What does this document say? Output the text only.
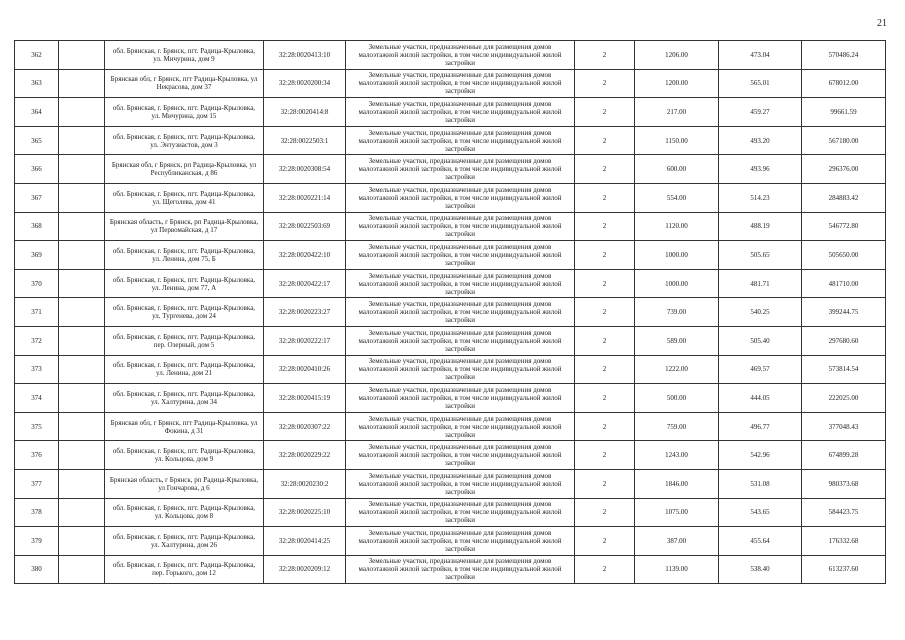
21
362		обл. Брянская, г. Брянск, пгт. Радица-Крыловка, ул. Мичурина, дом 9	32:28:0020413:10	Земельные участки, предназначенные для размещения домов малоэтажной жилой застройки, в том числе индивидуальной жилой застройки	2	1206.00	473.04	570486.24
363		Брянская обл, г Брянск, пгт Радица-Крыловка, ул Некрасова, дом 37	32:28:0020200:34	Земельные участки, предназначенные для размещения домов малоэтажной жилой застройки, в том числе индивидуальной жилой застройки	2	1200.00	565.01	678012.00
364		обл. Брянская, г. Брянск, пгт. Радица-Крыловка, ул. Мичурина, дом 15	32:28:0020414:8	Земельные участки, предназначенные для размещения домов малоэтажной жилой застройки, в том числе индивидуальной жилой застройки	2	217.00	459.27	99661.59
365		обл. Брянская, г. Брянск, пгт. Радица-Крыловка, ул. Энтузиастов, дом 3	32:28:0022503:1	Земельные участки, предназначенные для размещения домов малоэтажной жилой застройки, в том числе индивидуальной жилой застройки	2	1150.00	493.20	567180.00
366		Брянская обл, г Брянск, рп Радица-Крыловка, ул Республиканская, д 86	32:28:0020308:54	Земельные участки, предназначенные для размещения домов малоэтажной жилой застройки, в том числе индивидуальной жилой застройки	2	600.00	493.96	296376.00
367		обл. Брянская, г. Брянск, пгт. Радица-Крыловка, ул. Щеголева, дом 41	32:28:0020221:14	Земельные участки, предназначенные для размещения домов малоэтажной жилой застройки, в том числе индивидуальной жилой застройки	2	554.00	514.23	284883.42
368		Брянская область, г Брянск, рп Радица-Крыловка, ул Первомайская, д 17	32:28:0022503:69	Земельные участки, предназначенные для размещения домов малоэтажной жилой застройки, в том числе индивидуальной жилой застройки	2	1120.00	488.19	546772.80
369		обл. Брянская, г. Брянск, пгт. Радица-Крыловка, ул. Ленина, дом 75, Б	32:28:0020422:10	Земельные участки, предназначенные для размещения домов малоэтажной жилой застройки, в том числе индивидуальной жилой застройки	2	1000.00	505.65	505650.00
370		обл. Брянская, г. Брянск, пгт. Радица-Крыловка, ул. Ленина, дом 77, А	32:28:0020422:17	Земельные участки, предназначенные для размещения домов малоэтажной жилой застройки, в том числе индивидуальной жилой застройки	2	1000.00	481.71	481710.00
371		обл. Брянская, г. Брянск, пгт. Радица-Крыловка, ул. Тургенева, дом 24	32:28:0020223:27	Земельные участки, предназначенные для размещения домов малоэтажной жилой застройки, в том числе индивидуальной жилой застройки	2	739.00	540.25	399244.75
372		обл. Брянская, г. Брянск, пгт. Радица-Крыловка, пер. Озерный, дом 5	32:28:0020222:17	Земельные участки, предназначенные для размещения домов малоэтажной жилой застройки, в том числе индивидуальной жилой застройки	2	589.00	505.40	297680.60
373		обл. Брянская, г. Брянск, пгт. Радица-Крыловка, ул. Ленина, дом 21	32:28:0020410:26	Земельные участки, предназначенные для размещения домов малоэтажной жилой застройки, в том числе индивидуальной жилой застройки	2	1222.00	469.57	573814.54
374		обл. Брянская, г. Брянск, пгт. Радица-Крыловка, ул. Халтурина, дом 34	32:28:0020415:19	Земельные участки, предназначенные для размещения домов малоэтажной жилой застройки, в том числе индивидуальной жилой застройки	2	500.00	444.05	222025.00
375		Брянская обл, г Брянск, пгт Радица-Крыловка, ул Фокина, д 31	32:28:0020307:22	Земельные участки, предназначенные для размещения домов малоэтажной жилой застройки, в том числе индивидуальной жилой застройки	2	759.00	496.77	377048.43
376		обл. Брянская, г. Брянск, пгт. Радица-Крыловка, ул. Кольцова, дом 9	32:28:0020229:22	Земельные участки, предназначенные для размещения домов малоэтажной жилой застройки, в том числе индивидуальной жилой застройки	2	1243.00	542.96	674899.28
377		Брянская область, г Брянск, рп Радица-Крыловка, ул Гончарова, д 6	32:28:0020230:2	Земельные участки, предназначенные для размещения домов малоэтажной жилой застройки, в том числе индивидуальной жилой застройки	2	1846.00	531.08	980373.68
378		обл. Брянская, г. Брянск, пгт. Радица-Крыловка, ул. Кольцова, дом 8	32:28:0020225:10	Земельные участки, предназначенные для размещения домов малоэтажной жилой застройки, в том числе индивидуальной жилой застройки	2	1075.00	543.65	584423.75
379		обл. Брянская, г. Брянск, пгт. Радица-Крыловка, ул. Халтурина, дом 26	32:28:0020414:25	Земельные участки, предназначенные для размещения домов малоэтажной жилой застройки, в том числе индивидуальной жилой застройки	2	387.00	455.64	176332.68
380		обл. Брянская, г. Брянск, пгт. Радица-Крыловка, пер. Горького, дом 12	32:28:0020209:12	Земельные участки, предназначенные для размещения домов малоэтажной жилой застройки, в том числе индивидуальной жилой застройки	2	1139.00	538.40	613237.60
